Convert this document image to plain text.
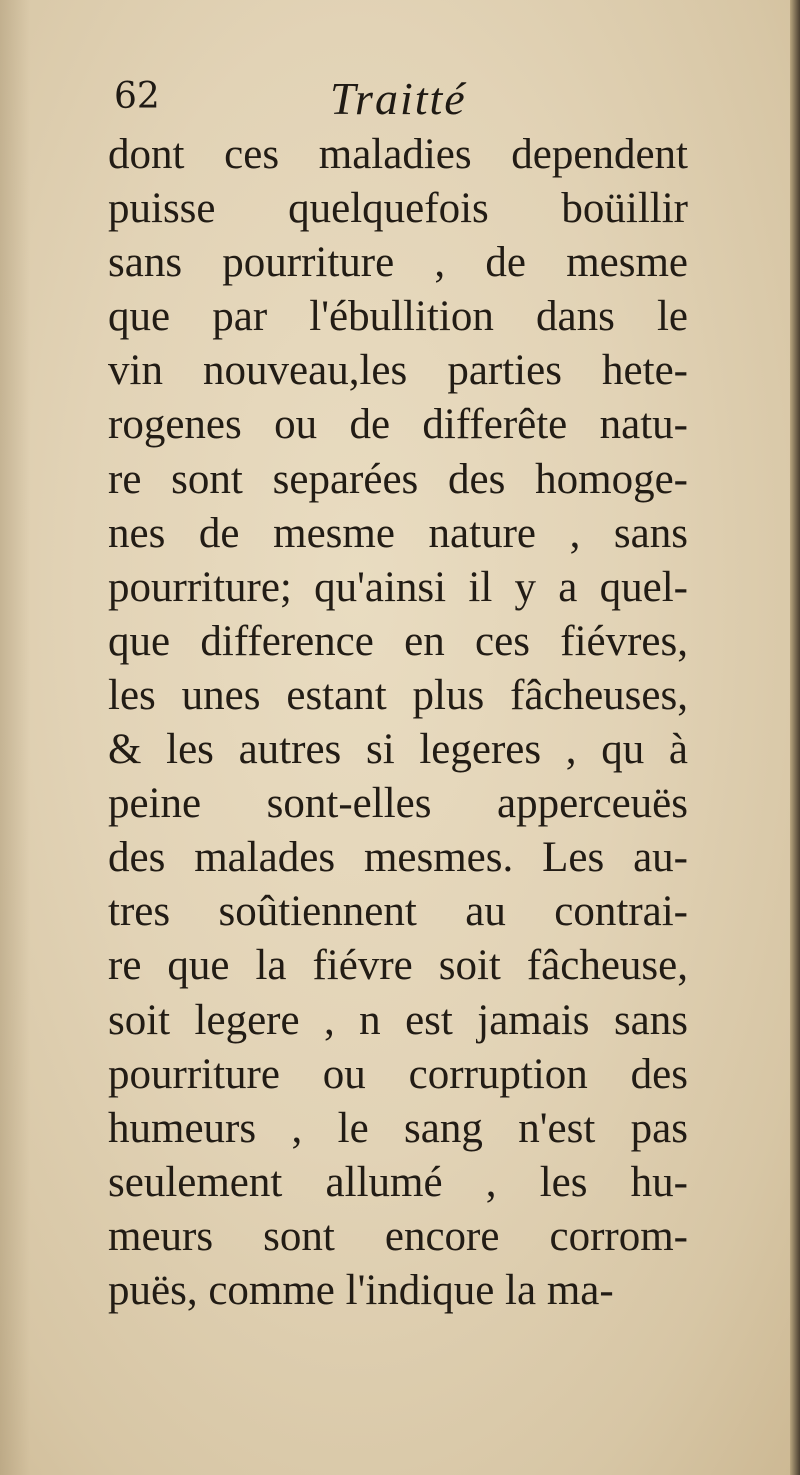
62	Traitté
dont ces maladies dependent
puisse quelquefois boüillir
sans pourriture , de mesme
que par l'ébullition dans le
vin nouveau,les parties hete-
rogenes ou de differête natu-
re sont separées des homoge-
nes de mesme nature , sans
pourriture; qu'ainsi il y a quel-
que difference en ces fiévres,
les unes estant plus fâcheuses,
& les autres si legeres , qu à
peine sont-elles apperceuës
des malades mesmes. Les au-
tres soûtiennent au contrai-
re que la fiévre soit fâcheuse,
soit legere , n est jamais sans
pourriture ou corruption des
humeurs , le sang n'est pas
seulement allumé , les hu-
meurs sont encore corrom-
puës, comme l'indique la ma-
